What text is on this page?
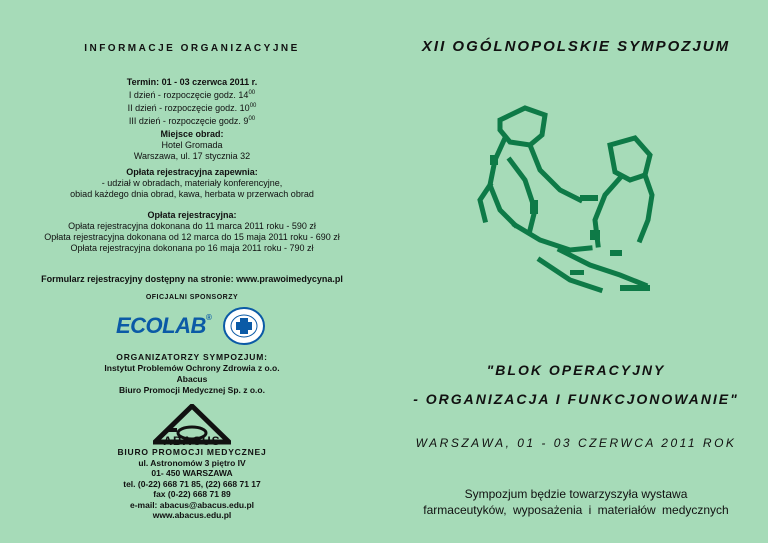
INFORMACJE ORGANIZACYJNE
Termin: 01 - 03 czerwca 2011 r.
I dzień - rozpoczęcie godz. $14^{00}$
II dzień - rozpoczęcie godz. $10^{00}$
III dzień - rozpoczęcie godz. $9^{00}$
Miejsce obrad:
Hotel Gromada
Warszawa, ul. 17 stycznia 32
Opłata rejestracyjna zapewnia:
- udział w obradach, materiały konferencyjne,
obiad każdego dnia obrad, kawa, herbata w przerwach obrad
Opłata rejestracyjna:
Opłata rejestracyjna dokonana do 11 marca 2011 roku - 590 zł
Opłata rejestracyjna dokonana od 12 marca do 15 maja 2011 roku - 690 zł
Opłata rejestracyjna dokonana po 16 maja 2011 roku - 790 zł
Formularz rejestracyjny dostępny na stronie: www.prawoimedycyna.pl
OFICJALNI SPONSORZY
ECOLAB®
ORGANIZATORZY SYMPOZJUM:
Instytut Problemów Ochrony Zdrowia z o.o.
Abacus
Biuro Promocji Medycznej Sp. z o.o.
ABACUS
BIURO PROMOCJI MEDYCZNEJ
ul. Astronomów 3 piętro IV
01- 450 WARSZAWA
tel. (0-22) 668 71 85, (22) 668 71 17
fax (0-22) 668 71 89
e-mail: abacus@abacus.edu.pl
www.abacus.edu.pl
XII OGÓLNOPOLSKIE SYMPOZJUM
"BLOK OPERACYJNY
- ORGANIZACJA I FUNKCJONOWANIE"
WARSZAWA, 01 - 03 CZERWCA 2011 ROK
Sympozjum będzie towarzyszyła wystawa
farmaceutyków, wyposażenia i materiałów medycznych
